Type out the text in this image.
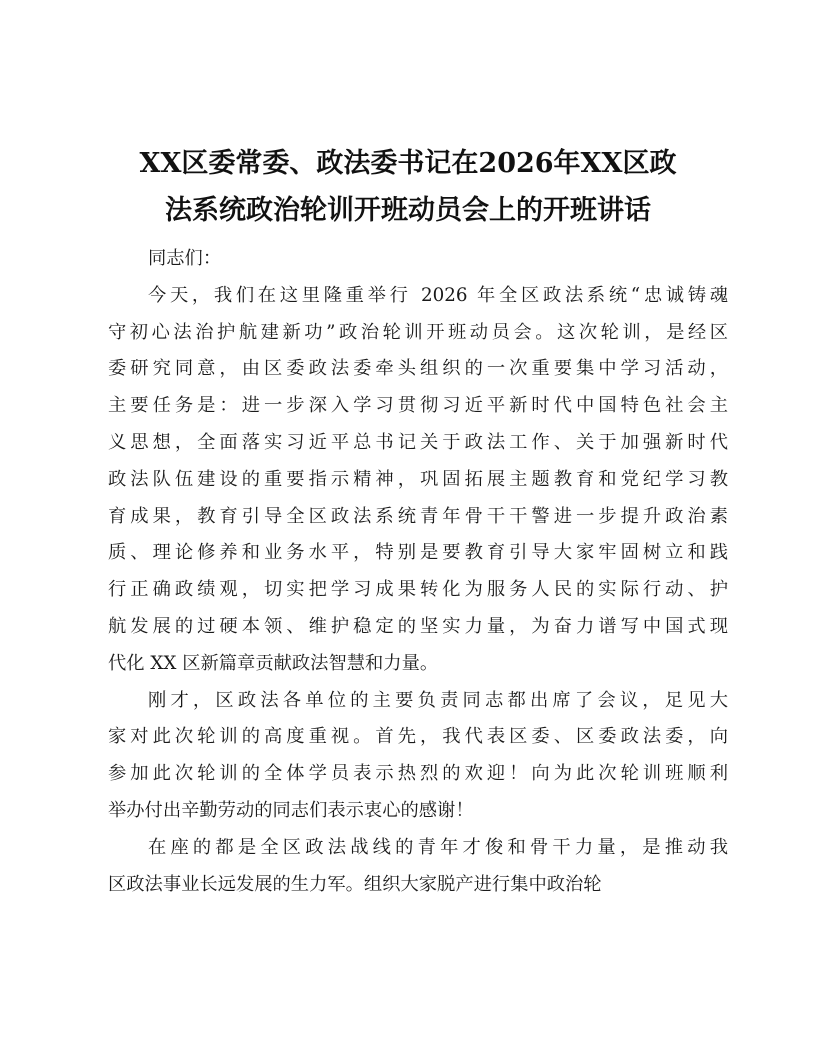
XX区委常委、政法委书记在2026年XX区政
法系统政治轮训开班动员会上的开班讲话

同志们：

今天，我们在这里隆重举行 2026 年全区政法系统“忠诚铸魂
守初心法治护航建新功”政治轮训开班动员会。这次轮训，是经区
委研究同意，由区委政法委牵头组织的一次重要集中学习活动，
主要任务是：进一步深入学习贯彻习近平新时代中国特色社会主
义思想，全面落实习近平总书记关于政法工作、关于加强新时代
政法队伍建设的重要指示精神，巩固拓展主题教育和党纪学习教
育成果，教育引导全区政法系统青年骨干干警进一步提升政治素
质、理论修养和业务水平，特别是要教育引导大家牢固树立和践
行正确政绩观，切实把学习成果转化为服务人民的实际行动、护
航发展的过硬本领、维护稳定的坚实力量，为奋力谱写中国式现
代化 XX 区新篇章贡献政法智慧和力量。

刚才，区政法各单位的主要负责同志都出席了会议，足见大
家对此次轮训的高度重视。首先，我代表区委、区委政法委，向
参加此次轮训的全体学员表示热烈的欢迎！向为此次轮训班顺利
举办付出辛勤劳动的同志们表示衷心的感谢！

在座的都是全区政法战线的青年才俊和骨干力量，是推动我
区政法事业长远发展的生力军。组织大家脱产进行集中政治轮
